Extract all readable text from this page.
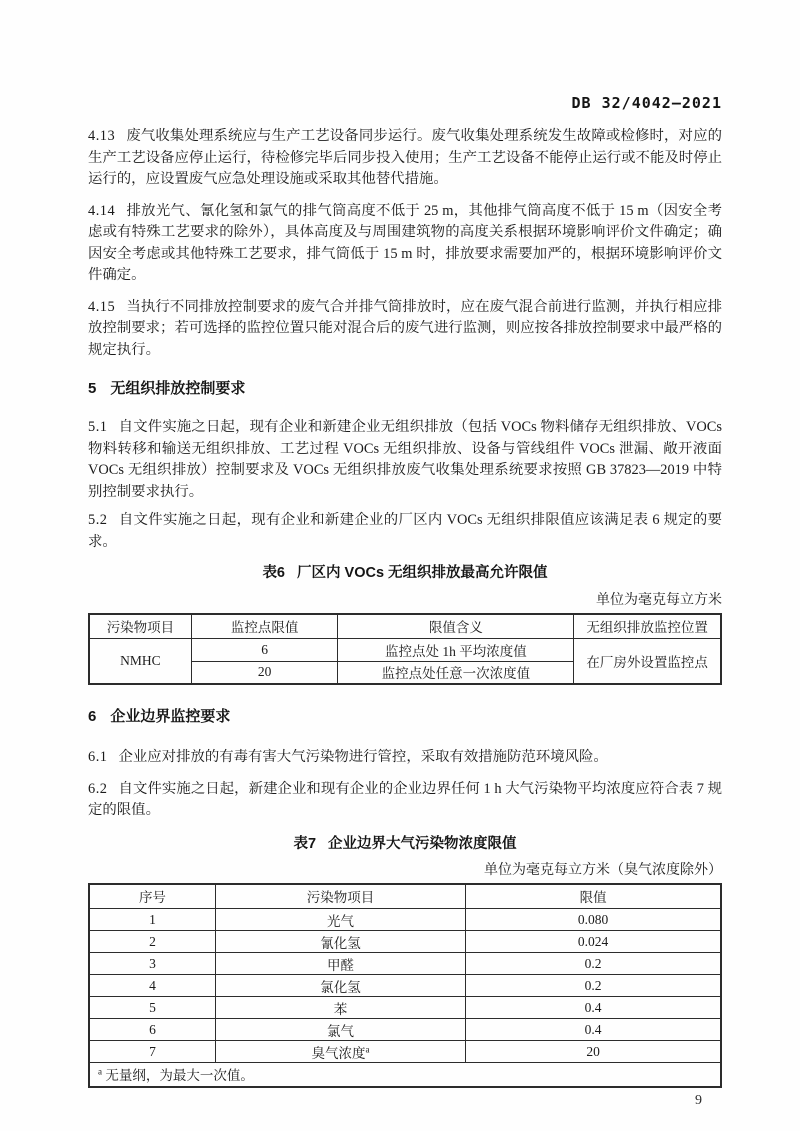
DB 32/4042—2021

4.13 废气收集处理系统应与生产工艺设备同步运行。废气收集处理系统发生故障或检修时，对应的生产工艺设备应停止运行，待检修完毕后同步投入使用；生产工艺设备不能停止运行或不能及时停止运行的，应设置废气应急处理设施或采取其他替代措施。

4.14 排放光气、氰化氢和氯气的排气筒高度不低于 25 m，其他排气筒高度不低于 15 m（因安全考虑或有特殊工艺要求的除外），具体高度及与周围建筑物的高度关系根据环境影响评价文件确定；确因安全考虑或其他特殊工艺要求，排气筒低于 15 m 时，排放要求需要加严的，根据环境影响评价文件确定。

4.15 当执行不同排放控制要求的废气合并排气筒排放时，应在废气混合前进行监测，并执行相应排放控制要求；若可选择的监控位置只能对混合后的废气进行监测，则应按各排放控制要求中最严格的规定执行。

5 无组织排放控制要求

5.1 自文件实施之日起，现有企业和新建企业无组织排放（包括 VOCs 物料储存无组织排放、VOCs 物料转移和输送无组织排放、工艺过程 VOCs 无组织排放、设备与管线组件 VOCs 泄漏、敞开液面 VOCs 无组织排放）控制要求及 VOCs 无组织排放废气收集处理系统要求按照 GB 37823—2019 中特别控制要求执行。

5.2 自文件实施之日起，现有企业和新建企业的厂区内 VOCs 无组织排限值应该满足表 6 规定的要求。

表6 厂区内 VOCs 无组织排放最高允许限值
单位为毫克每立方米
污染物项目	监控点限值	限值含义	无组织排放监控位置
NMHC	6	监控点处 1h 平均浓度值	在厂房外设置监控点
	20	监控点处任意一次浓度值	
6 企业边界监控要求

6.1 企业应对排放的有毒有害大气污染物进行管控，采取有效措施防范环境风险。

6.2 自文件实施之日起，新建企业和现有企业的企业边界任何 1 h 大气污染物平均浓度应符合表 7 规定的限值。

表7 企业边界大气污染物浓度限值
单位为毫克每立方米（臭气浓度除外）
序号	污染物项目	限值
1	光气	0.080
2	氰化氢	0.024
3	甲醛	0.2
4	氯化氢	0.2
5	苯	0.4
6	氯气	0.4
7	臭气浓度$^a$	20
$^a$ 无量纲，为最大一次值。		
9
